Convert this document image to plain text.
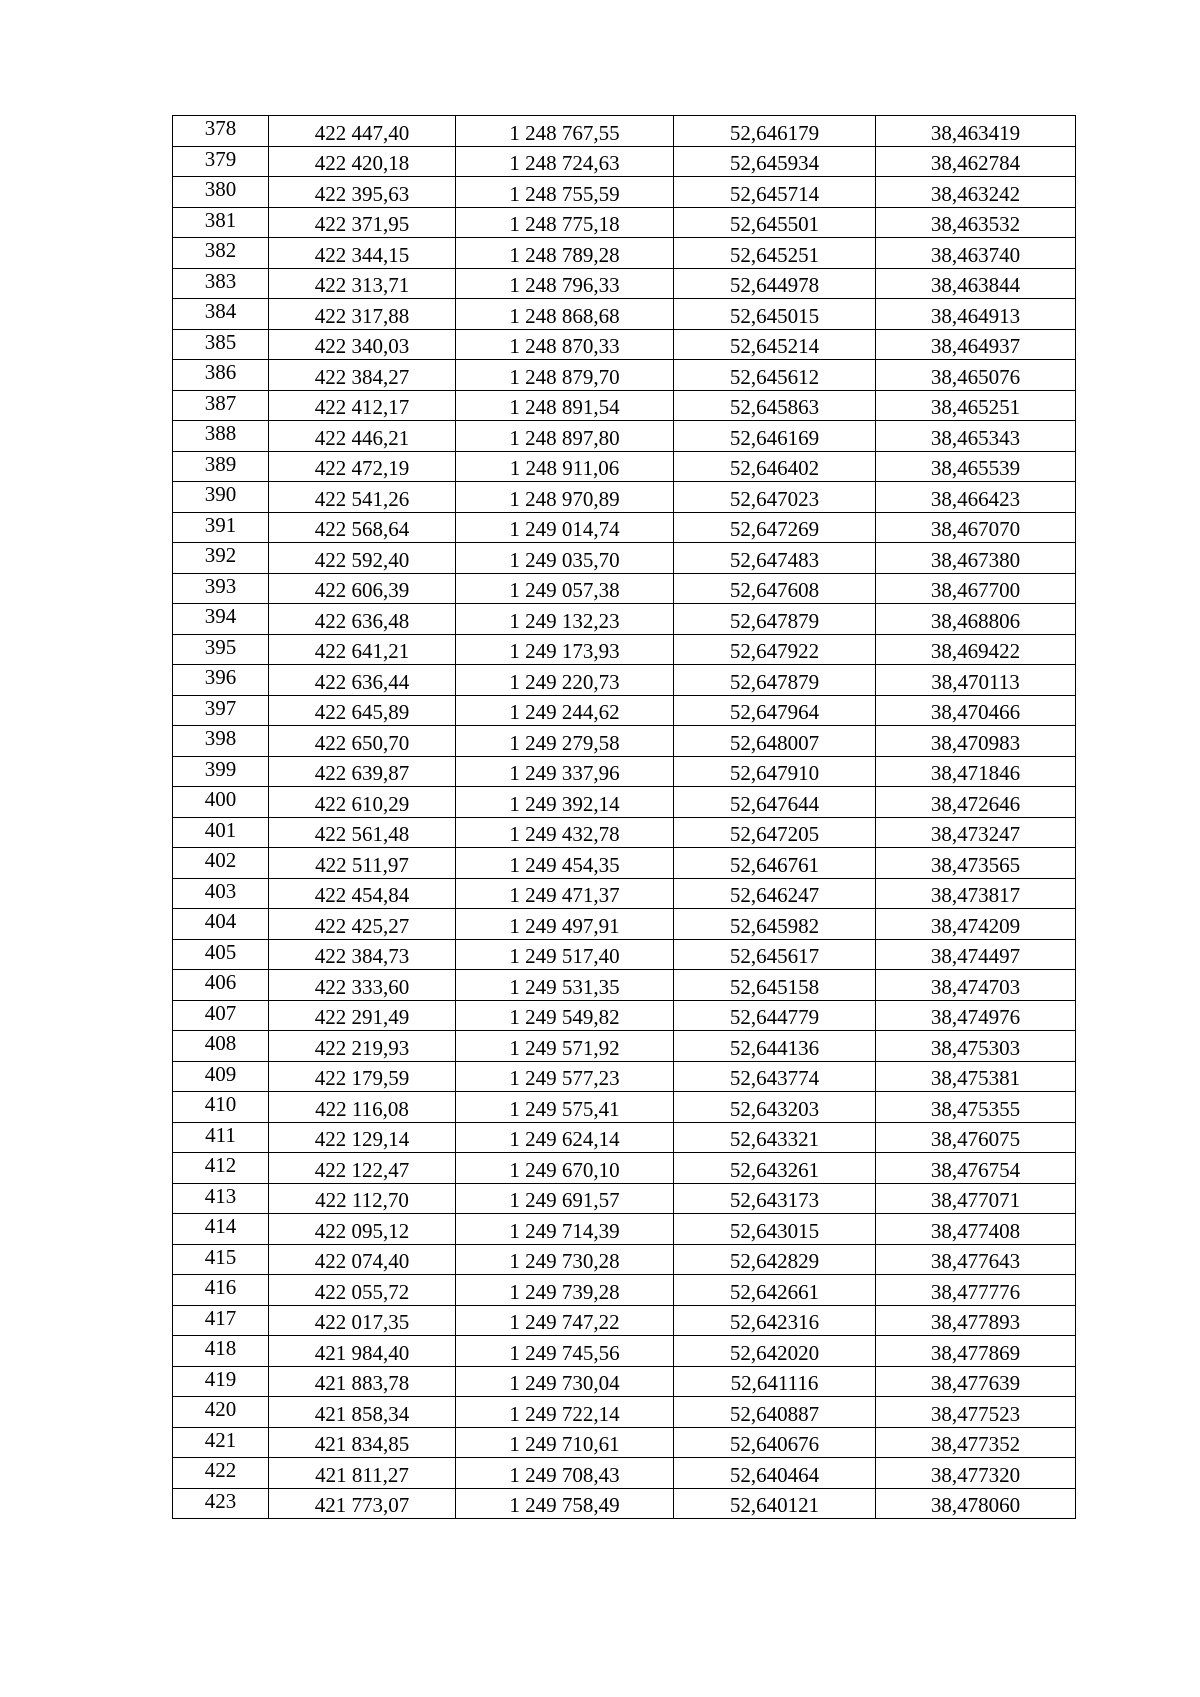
378	422 447,40	1 248 767,55	52,646179	38,463419
379	422 420,18	1 248 724,63	52,645934	38,462784
380	422 395,63	1 248 755,59	52,645714	38,463242
381	422 371,95	1 248 775,18	52,645501	38,463532
382	422 344,15	1 248 789,28	52,645251	38,463740
383	422 313,71	1 248 796,33	52,644978	38,463844
384	422 317,88	1 248 868,68	52,645015	38,464913
385	422 340,03	1 248 870,33	52,645214	38,464937
386	422 384,27	1 248 879,70	52,645612	38,465076
387	422 412,17	1 248 891,54	52,645863	38,465251
388	422 446,21	1 248 897,80	52,646169	38,465343
389	422 472,19	1 248 911,06	52,646402	38,465539
390	422 541,26	1 248 970,89	52,647023	38,466423
391	422 568,64	1 249 014,74	52,647269	38,467070
392	422 592,40	1 249 035,70	52,647483	38,467380
393	422 606,39	1 249 057,38	52,647608	38,467700
394	422 636,48	1 249 132,23	52,647879	38,468806
395	422 641,21	1 249 173,93	52,647922	38,469422
396	422 636,44	1 249 220,73	52,647879	38,470113
397	422 645,89	1 249 244,62	52,647964	38,470466
398	422 650,70	1 249 279,58	52,648007	38,470983
399	422 639,87	1 249 337,96	52,647910	38,471846
400	422 610,29	1 249 392,14	52,647644	38,472646
401	422 561,48	1 249 432,78	52,647205	38,473247
402	422 511,97	1 249 454,35	52,646761	38,473565
403	422 454,84	1 249 471,37	52,646247	38,473817
404	422 425,27	1 249 497,91	52,645982	38,474209
405	422 384,73	1 249 517,40	52,645617	38,474497
406	422 333,60	1 249 531,35	52,645158	38,474703
407	422 291,49	1 249 549,82	52,644779	38,474976
408	422 219,93	1 249 571,92	52,644136	38,475303
409	422 179,59	1 249 577,23	52,643774	38,475381
410	422 116,08	1 249 575,41	52,643203	38,475355
411	422 129,14	1 249 624,14	52,643321	38,476075
412	422 122,47	1 249 670,10	52,643261	38,476754
413	422 112,70	1 249 691,57	52,643173	38,477071
414	422 095,12	1 249 714,39	52,643015	38,477408
415	422 074,40	1 249 730,28	52,642829	38,477643
416	422 055,72	1 249 739,28	52,642661	38,477776
417	422 017,35	1 249 747,22	52,642316	38,477893
418	421 984,40	1 249 745,56	52,642020	38,477869
419	421 883,78	1 249 730,04	52,641116	38,477639
420	421 858,34	1 249 722,14	52,640887	38,477523
421	421 834,85	1 249 710,61	52,640676	38,477352
422	421 811,27	1 249 708,43	52,640464	38,477320
423	421 773,07	1 249 758,49	52,640121	38,478060
